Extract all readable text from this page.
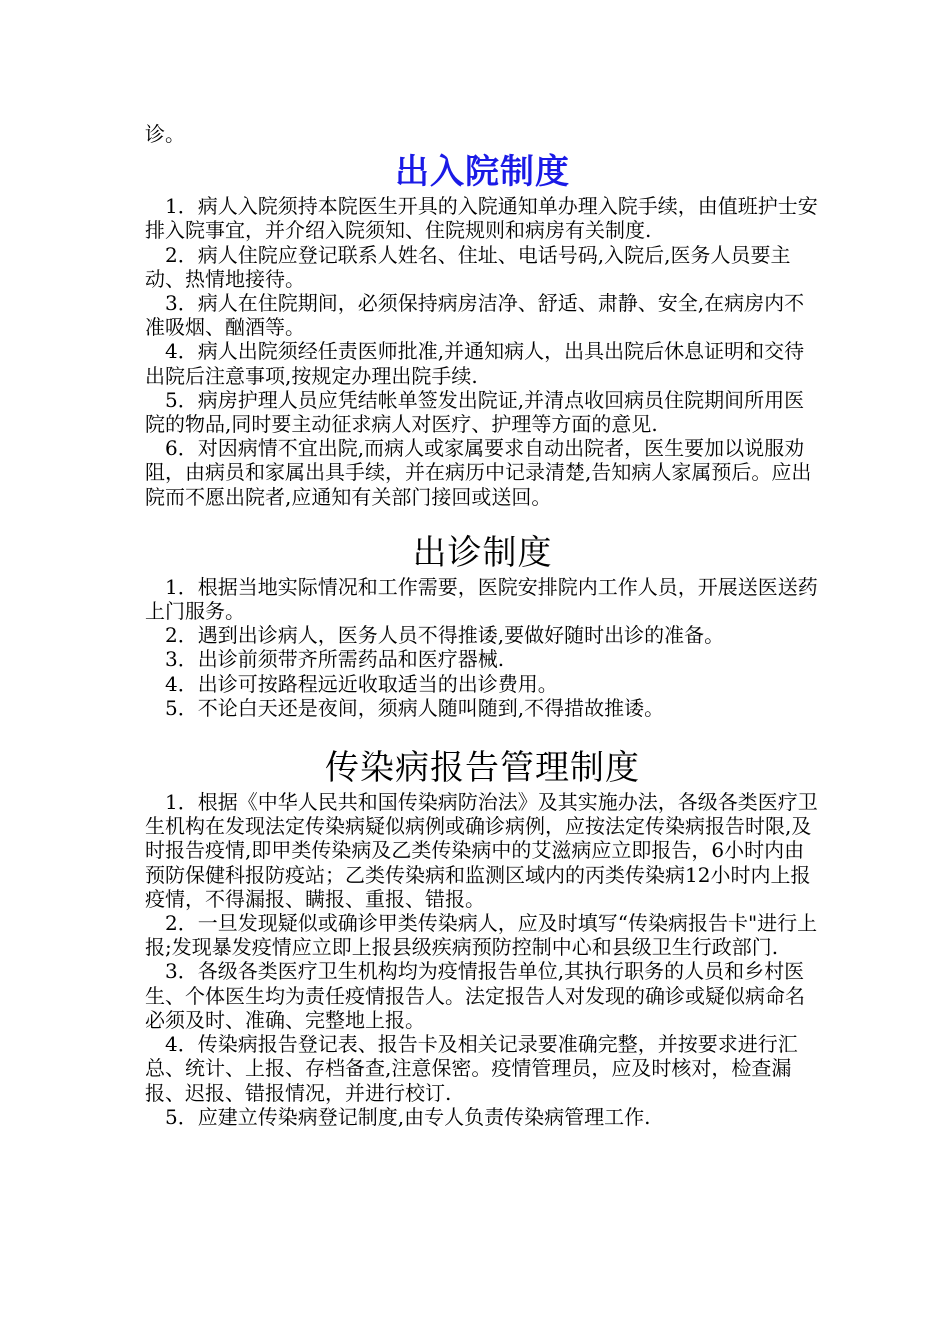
诊。

出入院制度

1．病人入院须持本院医生开具的入院通知单办理入院手续，由值班护士安排入院事宜，并介绍入院须知、住院规则和病房有关制度.

2．病人住院应登记联系人姓名、住址、电话号码,入院后,医务人员要主动、热情地接待。

3．病人在住院期间，必须保持病房洁净、舒适、肃静、安全,在病房内不准吸烟、酗酒等。

4．病人出院须经任责医师批准,并通知病人，出具出院后休息证明和交待出院后注意事项,按规定办理出院手续.

5．病房护理人员应凭结帐单签发出院证,并清点收回病员住院期间所用医院的物品,同时要主动征求病人对医疗、护理等方面的意见.

6．对因病情不宜出院,而病人或家属要求自动出院者，医生要加以说服劝阻，由病员和家属出具手续，并在病历中记录清楚,告知病人家属预后。应出院而不愿出院者,应通知有关部门接回或送回。

出诊制度

1．根据当地实际情况和工作需要，医院安排院内工作人员，开展送医送药上门服务。

2．遇到出诊病人，医务人员不得推诿,要做好随时出诊的准备。

3．出诊前须带齐所需药品和医疗器械.

4．出诊可按路程远近收取适当的出诊费用。

5．不论白天还是夜间，须病人随叫随到,不得措故推诿。

传染病报告管理制度

1．根据《中华人民共和国传染病防治法》及其实施办法，各级各类医疗卫生机构在发现法定传染病疑似病例或确诊病例，应按法定传染病报告时限,及时报告疫情,即甲类传染病及乙类传染病中的艾滋病应立即报告，6小时内由预防保健科报防疫站；乙类传染病和监测区域内的丙类传染病12小时内上报疫情，不得漏报、瞒报、重报、错报。

2．一旦发现疑似或确诊甲类传染病人，应及时填写“传染病报告卡"进行上报;发现暴发疫情应立即上报县级疾病预防控制中心和县级卫生行政部门.

3．各级各类医疗卫生机构均为疫情报告单位,其执行职务的人员和乡村医生、个体医生均为责任疫情报告人。法定报告人对发现的确诊或疑似病命名必须及时、准确、完整地上报。

4．传染病报告登记表、报告卡及相关记录要准确完整，并按要求进行汇总、统计、上报、存档备查,注意保密。疫情管理员，应及时核对，检查漏报、迟报、错报情况，并进行校订.

5．应建立传染病登记制度,由专人负责传染病管理工作.
